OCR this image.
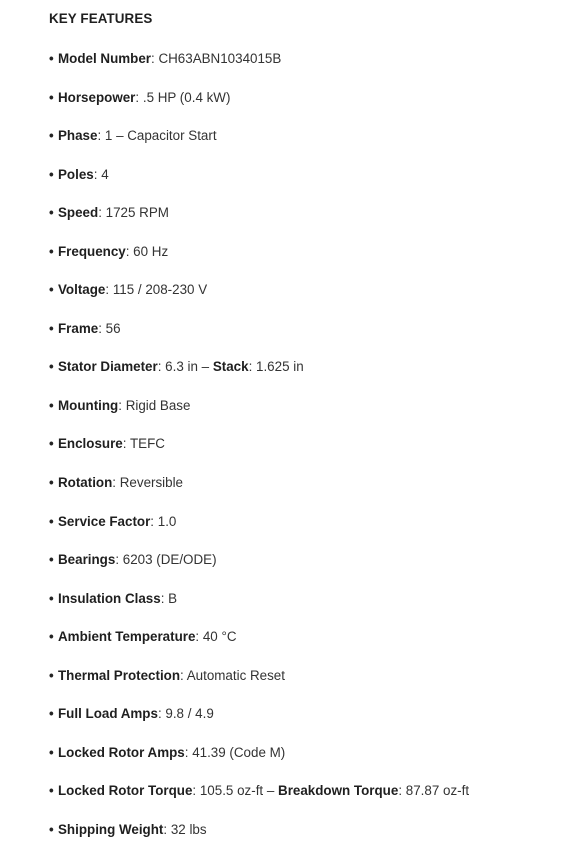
KEY FEATURES
• Model Number: CH63ABN1034015B
• Horsepower: .5 HP (0.4 kW)
• Phase: 1 – Capacitor Start
• Poles: 4
• Speed: 1725 RPM
• Frequency: 60 Hz
• Voltage: 115 / 208-230 V
• Frame: 56
• Stator Diameter: 6.3 in – Stack: 1.625 in
• Mounting: Rigid Base
• Enclosure: TEFC
• Rotation: Reversible
• Service Factor: 1.0
• Bearings: 6203 (DE/ODE)
• Insulation Class: B
• Ambient Temperature: 40 °C
• Thermal Protection: Automatic Reset
• Full Load Amps: 9.8 / 4.9
• Locked Rotor Amps: 41.39 (Code M)
• Locked Rotor Torque: 105.5 oz-ft – Breakdown Torque: 87.87 oz-ft
• Shipping Weight: 32 lbs
